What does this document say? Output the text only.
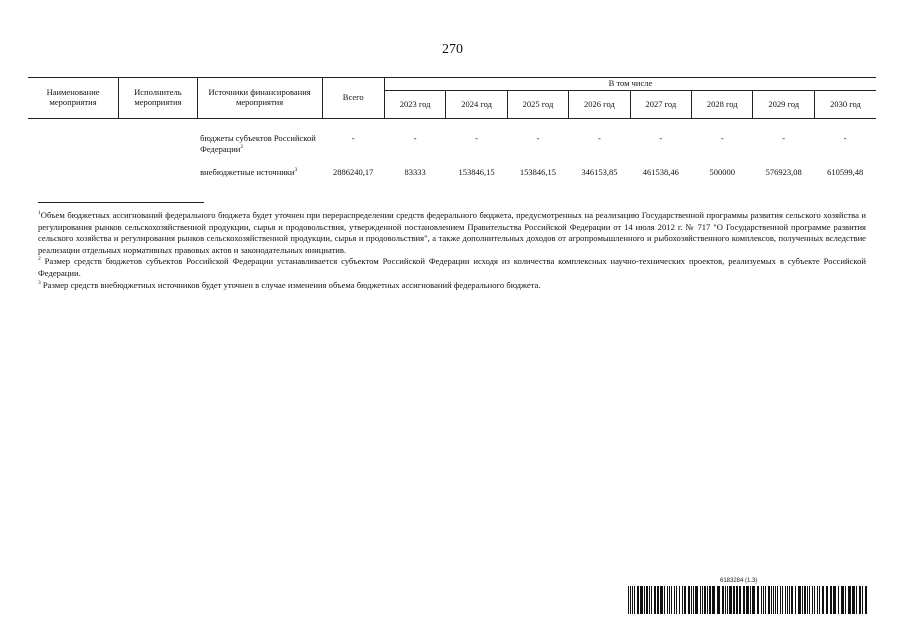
270
Наименование мероприятия	Исполнитель мероприятия	Источники финансирования мероприятия	Всего	В том числе							
				2023 год	2024 год	2025 год	2026 год	2027 год	2028 год	2029 год	2030 год
		бюджеты субъектов Российской Федерации$^2$	-	-	-	-	-	-	-	-	-
		внебюджетные источники$^3$	2886240,17	83333	153846,15	153846,15	346153,85	461538,46	500000	576923,08	610599,48

$^1$Объем бюджетных ассигнований федерального бюджета будет уточнен при перераспределении средств федерального бюджета, предусмотренных на реализацию Государственной программы развития сельского хозяйства и регулирования рынков сельскохозяйственной продукции, сырья и продовольствия, утвержденной постановлением Правительства Российской Федерации от 14 июля 2012 г. № 717 "О Государственной программе развития сельского хозяйства и регулирования рынков сельскохозяйственной продукции, сырья и продовольствия", а также дополнительных доходов от агропромышленного и рыбохозяйственного комплексов, полученных вследствие реализации отдельных нормативных правовых актов и законодательных инициатив.

$^2$ Размер средств бюджетов субъектов Российской Федерации устанавливается субъектом Российской Федерации исходя из количества комплексных научно-технических проектов, реализуемых в субъекте Российской Федерации.

$^3$ Размер средств внебюджетных источников будет уточнен в случае изменения объема бюджетных ассигнований федерального бюджета.

6183284 (1.3)
